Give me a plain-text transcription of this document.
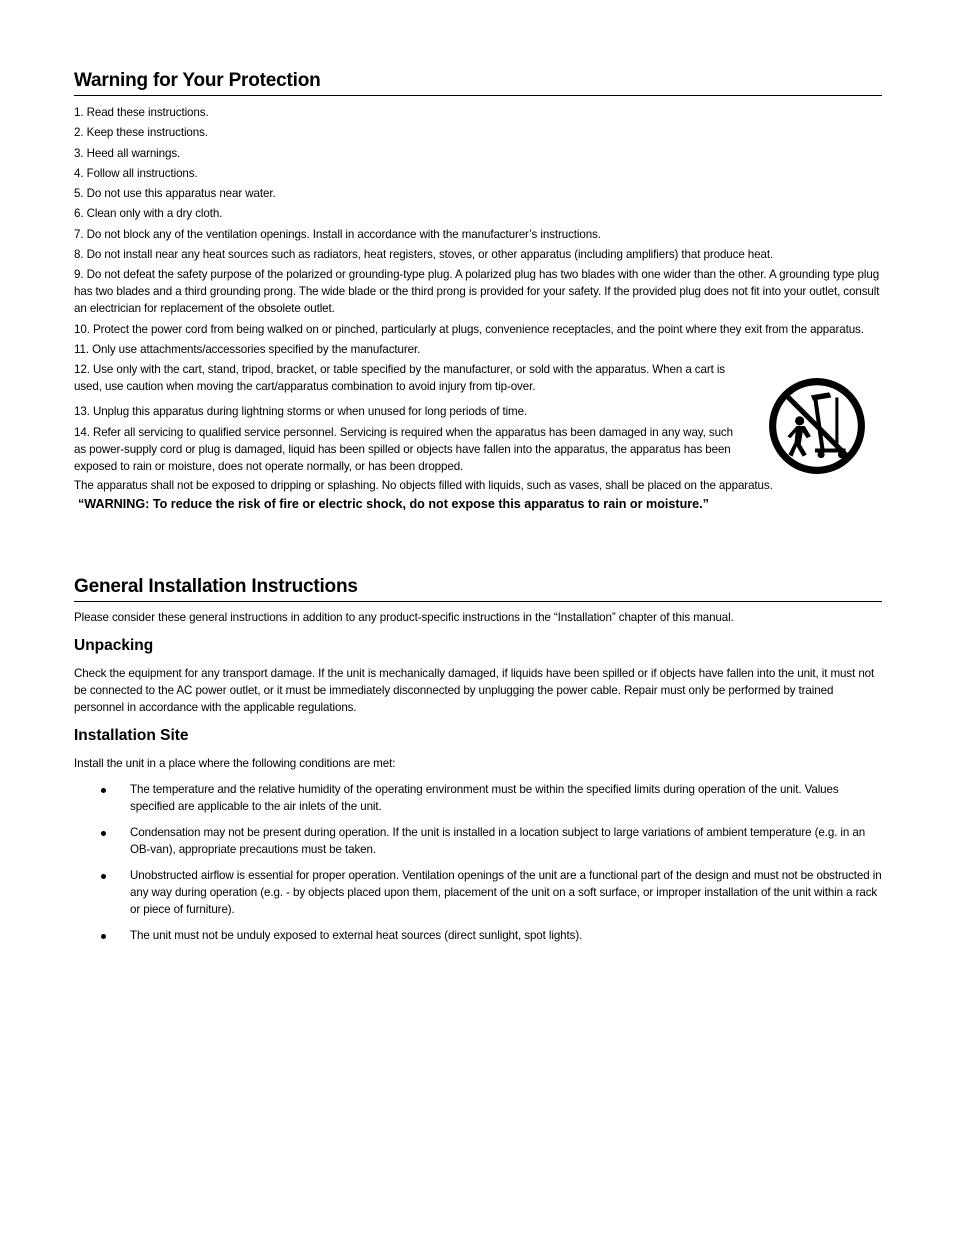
Warning for Your Protection
1. Read these instructions.
2. Keep these instructions.
3. Heed all warnings.
4. Follow all instructions.
5. Do not use this apparatus near water.
6. Clean only with a dry cloth.
7. Do not block any of the ventilation openings. Install in accordance with the manufacturer’s instructions.
8. Do not install near any heat sources such as radiators, heat registers, stoves, or other apparatus (including amplifiers) that produce heat.
9. Do not defeat the safety purpose of the polarized or grounding-type plug. A polarized plug has two blades with one wider than the other. A grounding type plug has two blades and a third grounding prong. The wide blade or the third prong is provided for your safety. If the provided plug does not fit into your outlet, consult an electrician for replacement of the obsolete outlet.
10. Protect the power cord from being walked on or pinched, particularly at plugs, convenience receptacles, and the point where they exit from the apparatus.
11. Only use attachments/accessories specified by the manufacturer.
12. Use only with the cart, stand, tripod, bracket, or table specified by the manufacturer, or sold with the apparatus. When a cart is used, use caution when moving the cart/apparatus combination to avoid injury from tip-over.
13. Unplug this apparatus during lightning storms or when unused for long periods of time.
14. Refer all servicing to qualified service personnel. Servicing is required when the apparatus has been damaged in any way, such as power-supply cord or plug is damaged, liquid has been spilled or objects have fallen into the apparatus, the apparatus has been exposed to rain or moisture, does not operate normally, or has been dropped.
The apparatus shall not be exposed to dripping or splashing. No objects filled with liquids, such as vases, shall be placed on the apparatus.
“WARNING: To reduce the risk of fire or electric shock, do not expose this apparatus to rain or moisture.”
General Installation Instructions

Please consider these general instructions in addition to any product-specific instructions in the “Installation” chapter of this manual.

Unpacking

Check the equipment for any transport damage. If the unit is mechanically damaged, if liquids have been spilled or if objects have fallen into the unit, it must not be connected to the AC power outlet, or it must be immediately disconnected by unplugging the power cable. Repair must only be performed by trained personnel in accordance with the applicable regulations.

Installation Site

Install the unit in a place where the following conditions are met:

The temperature and the relative humidity of the operating environment must be within the specified limits during operation of the unit. Values specified are applicable to the air inlets of the unit.
Condensation may not be present during operation. If the unit is installed in a location subject to large variations of ambient temperature (e.g. in an OB-van), appropriate precautions must be taken.
Unobstructed airflow is essential for proper operation. Ventilation openings of the unit are a functional part of the design and must not be obstructed in any way during operation (e.g. - by objects placed upon them, placement of the unit on a soft surface, or improper installation of the unit within a rack or piece of furniture).
The unit must not be unduly exposed to external heat sources (direct sunlight, spot lights).
